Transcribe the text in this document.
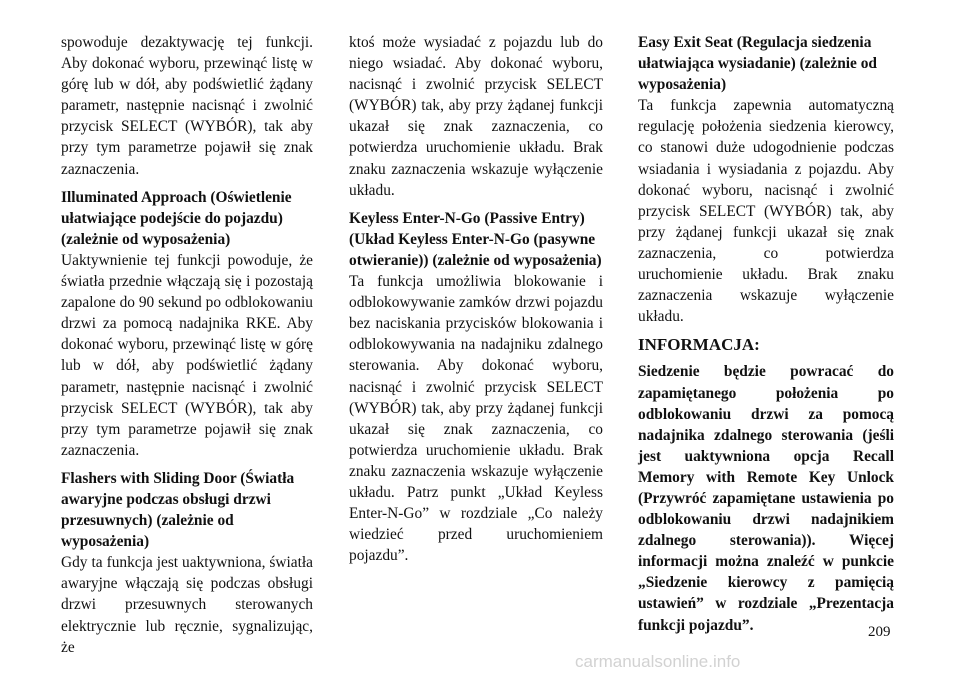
spowoduje dezaktywację tej funkcji. Aby dokonać wyboru, przewinąć listę w górę lub w dół, aby podświetlić żądany parametr, następnie nacisnąć i zwolnić przycisk SELECT (WYBÓR), tak aby przy tym parametrze pojawił się znak zaznaczenia.

Illuminated Approach (Oświetlenie ułatwiające podejście do pojazdu) (zależnie od wyposażenia)

Uaktywnienie tej funkcji powoduje, że światła przednie włączają się i pozostają zapalone do 90 sekund po odblokowaniu drzwi za pomocą nadajnika RKE. Aby dokonać wyboru, przewinąć listę w górę lub w dół, aby podświetlić żądany parametr, następnie nacisnąć i zwolnić przycisk SELECT (WYBÓR), tak aby przy tym parametrze pojawił się znak zaznaczenia.

Flashers with Sliding Door (Światła awaryjne podczas obsługi drzwi przesuwnych) (zależnie od wyposażenia)

Gdy ta funkcja jest uaktywniona, światła awaryjne włączają się podczas obsługi drzwi przesuwnych sterowanych elektrycznie lub ręcznie, sygnalizując, że

ktoś może wysiadać z pojazdu lub do niego wsiadać. Aby dokonać wyboru, nacisnąć i zwolnić przycisk SELECT (WYBÓR) tak, aby przy żądanej funkcji ukazał się znak zaznaczenia, co potwierdza uruchomienie układu. Brak znaku zaznaczenia wskazuje wyłączenie układu.

Keyless Enter-N-Go (Passive Entry) (Układ Keyless Enter-N-Go (pasywne otwieranie)) (zależnie od wyposażenia)

Ta funkcja umożliwia blokowanie i odblokowywanie zamków drzwi pojazdu bez naciskania przycisków blokowania i odblokowywania na nadajniku zdalnego sterowania. Aby dokonać wyboru, nacisnąć i zwolnić przycisk SELECT (WYBÓR) tak, aby przy żądanej funkcji ukazał się znak zaznaczenia, co potwierdza uruchomienie układu. Brak znaku zaznaczenia wskazuje wyłączenie układu. Patrz punkt „Układ Keyless Enter-N-Go” w rozdziale „Co należy wiedzieć przed uruchomieniem pojazdu”.

Easy Exit Seat (Regulacja siedzenia ułatwiająca wysiadanie) (zależnie od wyposażenia)

Ta funkcja zapewnia automatyczną regulację położenia siedzenia kierowcy, co stanowi duże udogodnienie podczas wsiadania i wysiadania z pojazdu. Aby dokonać wyboru, nacisnąć i zwolnić przycisk SELECT (WYBÓR) tak, aby przy żądanej funkcji ukazał się znak zaznaczenia, co potwierdza uruchomienie układu. Brak znaku zaznaczenia wskazuje wyłączenie układu.

INFORMACJA:

Siedzenie będzie powracać do zapamiętanego położenia po odblokowaniu drzwi za pomocą nadajnika zdalnego sterowania (jeśli jest uaktywniona opcja Recall Memory with Remote Key Unlock (Przywróć zapamiętane ustawienia po odblokowaniu drzwi nadajnikiem zdalnego sterowania)). Więcej informacji można znaleźć w punkcie „Siedzenie kierowcy z pamięcią ustawień” w rozdziale „Prezentacja funkcji pojazdu”.	209
carmanualsonline.info
